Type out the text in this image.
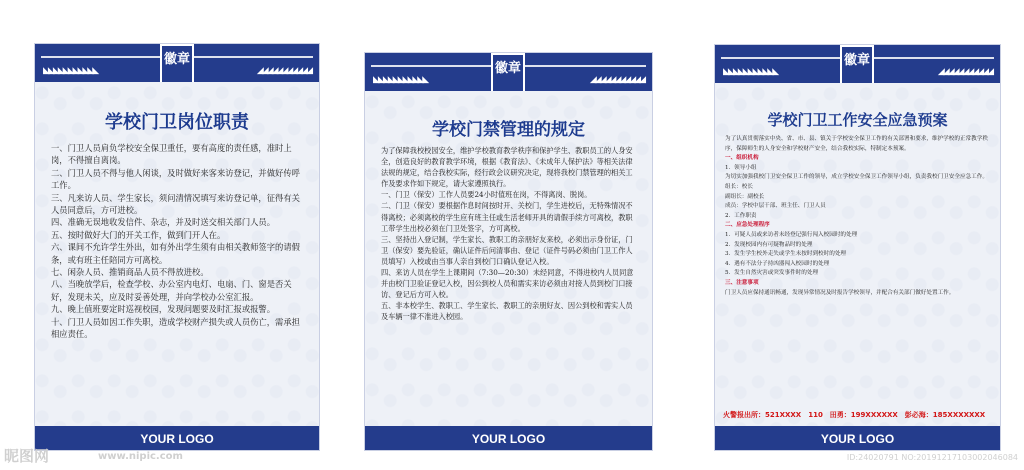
◣◣◣◣◣◣◣◣◣◣◣	◢◢◢◢◢◢◢◢◢◢◢
徽章
学校门卫岗位职责

一、门卫人员肩负学校安全保卫重任，要有高度的责任感，准时上岗，不得擅自离岗。

二、门卫人员不得与他人闲谈，及时做好来客来访登记，并做好传呼工作。

三、凡来访人员、学生家长，须问清情况填写来访登记单，征得有关人员同意后，方可进校。

四、准确无误地收发信件、杂志，并及时送交相关部门人员。

五、按时做好大门的开关工作，做到门开人在。

六、课间不允许学生外出，如有外出学生须有由相关教师签字的请假条，或有班主任陪同方可离校。

七、闲杂人员、推销商品人员不得放进校。

八、当晚放学后，检查学校、办公室内电灯、电扇、门、窗是否关好，发现未关，应及时妥善处理，并向学校办公室汇报。

九、晚上值班要定时巡视校园，发现问题要及时汇报或报警。

十、门卫人员如因工作失职，造成学校财产损失或人员伤亡，需承担相应责任。

YOUR LOGO
◣◣◣◣◣◣◣◣◣◣◣	◢◢◢◢◢◢◢◢◢◢◢
徽章
学校门禁管理的规定

为了保障我校校园安全，维护学校教育教学秩序和保护学生、教职员工的人身安全，创造良好的教育教学环境，根据《教育法》、《未成年人保护法》等相关法律法规的规定，结合我校实际，经行政会议研究决定，现将我校门禁管理的相关工作及要求作如下规定，请大家遵照执行。

一、门卫（保安）工作人员要24小时值班在岗，不得离岗、脱岗。

二、门卫（保安）要根据作息时间按时开、关校门，学生进校后，无特殊情况不得离校；必须离校的学生应有班主任或生活老师开具的请假手续方可离校，教职工带学生出校必须在门卫处签字，方可离校。

三、坚持出入登记制，学生家长、教职工的亲朋好友来校，必须出示身份证，门卫（保安）要先验证，确认证件后问清事由、登记（证件号码必须由门卫工作人员填写）入校或由当事人亲自到校门口确认登记入校。

四、来访人员在学生上课期间（7:30—20:30）未经同意，不得进校内人员同意并由校门卫验证登记入校，因公到校人员和需实来访必须由对接人员到校门口接访、登记后方可入校。

五、非本校学生、教职工、学生家长、教职工的亲朋好友、因公到校和需实人员及车辆一律不准进入校园。

YOUR LOGO
◣◣◣◣◣◣◣◣◣◣◣	◢◢◢◢◢◢◢◢◢◢◢
徽章
学校门卫工作安全应急预案

为了认真贯彻落实中央、省、市、县、镇关于学校安全保卫工作的有关部署和要求，维护学校的正常教学秩序，保障师生的人身安全和学校财产安全，结合我校实际，特制定本预案。

一、组织机构

1．领导小组

为切实加强我校门卫安全保卫工作的领导，成立学校安全保卫工作领导小组，负责我校门卫安全应急工作。

组长：校长

副组长：副校长

成员：学校中层干部、班主任、门卫人员

2．工作职责

二、应急处理程序

1．可疑人员或来访者未经登记强行闯入校园时的处理

2．发现校园内有可疑物品时的处理

3．发生学生校外走失或学生未按时到校时的处理

4．遇有不法分子持凶器闯入校园时的处理

5．发生自然灾害或突发事件时的处理

三、注意事项

门卫人员应保持通讯畅通，发现异常情况及时报告学校领导，并配合有关部门做好处置工作。

火警报出所：521XXXX　110　田勇：199XXXXXX　彭必海：185XXXXXXX
YOUR LOGO
昵图网	www.nipic.com	ID:24020791 NO:20191217103002046084
